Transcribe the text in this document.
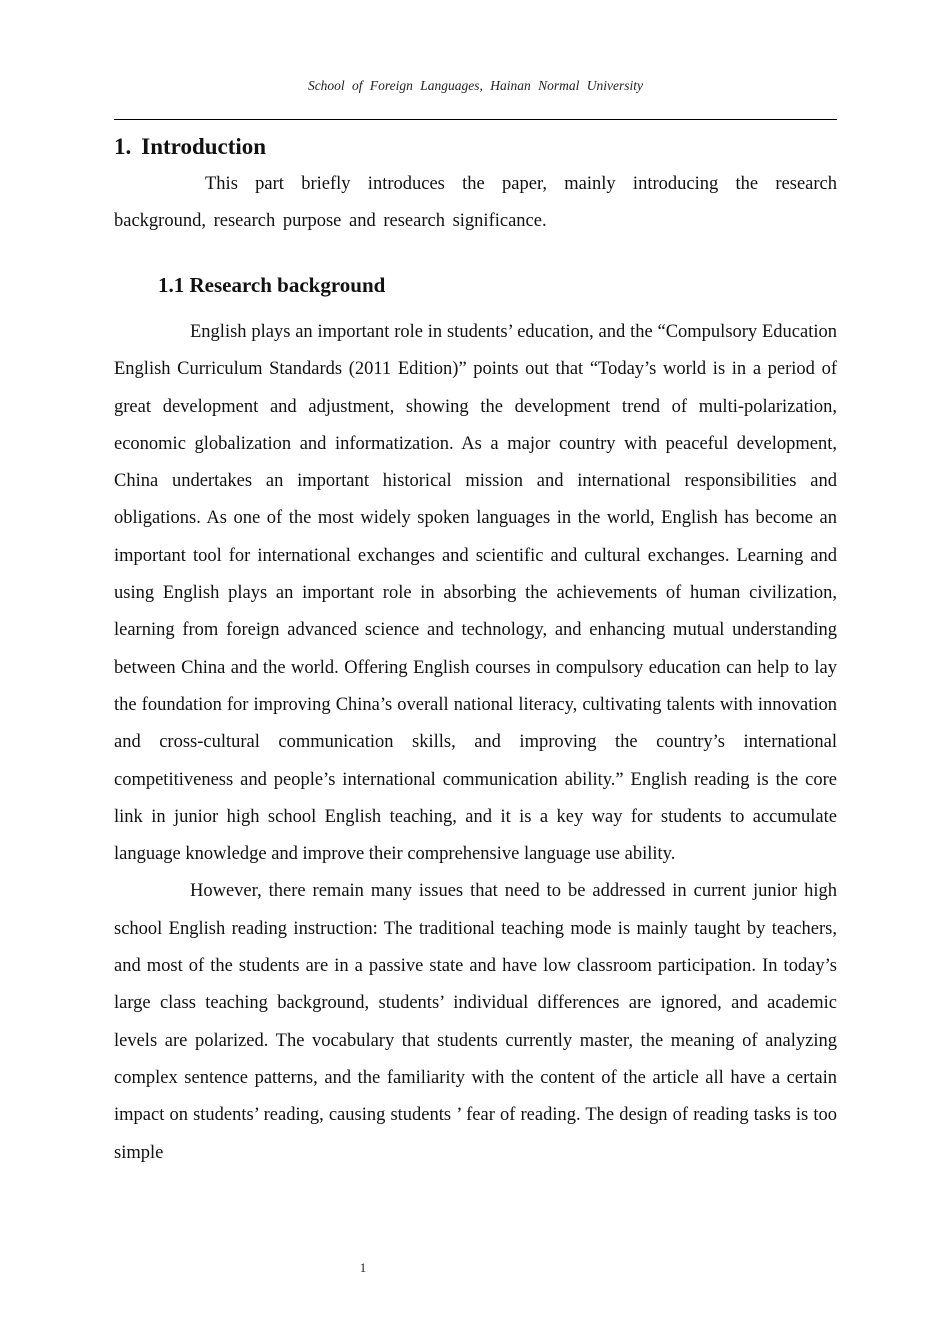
School of Foreign Languages, Hainan Normal University
1. Introduction

This part briefly introduces the paper, mainly introducing the research background, research purpose and research significance.

1.1 Research background

English plays an important role in students’ education, and the “Compulsory Education English Curriculum Standards (2011 Edition)” points out that “Today’s world is in a period of great development and adjustment, showing the development trend of multi-polarization, economic globalization and informatization. As a major country with peaceful development, China undertakes an important historical mission and international responsibilities and obligations. As one of the most widely spoken languages in the world, English has become an important tool for international exchanges and scientific and cultural exchanges. Learning and using English plays an important role in absorbing the achievements of human civilization, learning from foreign advanced science and technology, and enhancing mutual understanding between China and the world. Offering English courses in compulsory education can help to lay the foundation for improving China’s overall national literacy, cultivating talents with innovation and cross-cultural communication skills, and improving the country’s international competitiveness and people’s international communication ability.” English reading is the core link in junior high school English teaching, and it is a key way for students to accumulate language knowledge and improve their comprehensive language use ability.

However, there remain many issues that need to be addressed in current junior high school English reading instruction: The traditional teaching mode is mainly taught by teachers, and most of the students are in a passive state and have low classroom participation. In today’s large class teaching background, students’ individual differences are ignored, and academic levels are polarized. The vocabulary that students currently master, the meaning of analyzing complex sentence patterns, and the familiarity with the content of the article all have a certain impact on students’ reading, causing students ’ fear of reading. The design of reading tasks is too simple

1
